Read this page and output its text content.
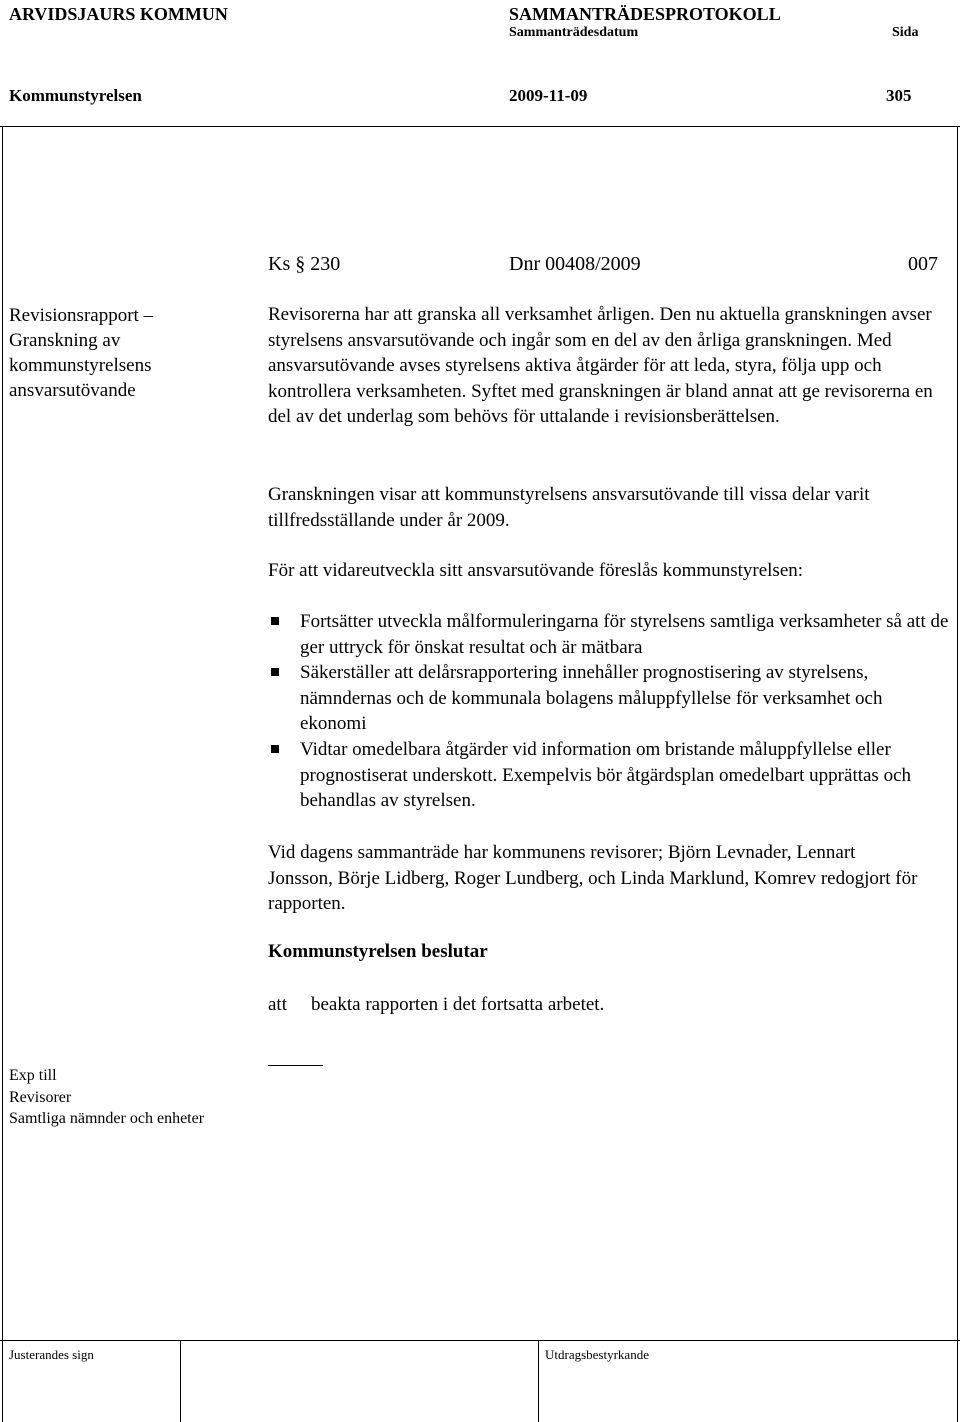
ARVIDSJAURS KOMMUN	SAMMANTRÄDESPROTOKOLL
Sammanträdesdatum	Sida
Kommunstyrelsen	2009-11-09	305
Ks § 230	Dnr 00408/2009	007
Revisionsrapport –
Granskning av
kommunstyrelsens
ansvarsutövande
Revisorerna har att granska all verksamhet årligen. Den nu aktuella granskningen avser styrelsens ansvarsutövande och ingår som en del av den årliga granskningen. Med ansvarsutövande avses styrelsens aktiva åtgärder för att leda, styra, följa upp och kontrollera verksamheten. Syftet med granskningen är bland annat att ge revisorerna en del av det underlag som behövs för uttalande i revisionsberättelsen.
Granskningen visar att kommunstyrelsens ansvarsutövande till vissa delar varit tillfredsställande under år 2009.
För att vidareutveckla sitt ansvarsutövande föreslås kommunstyrelsen:
Fortsätter utveckla målformuleringarna för styrelsens samtliga verksamheter så att de ger uttryck för önskat resultat och är mätbara
Säkerställer att delårsrapportering innehåller prognostisering av styrelsens, nämndernas och de kommunala bolagens måluppfyllelse för verksamhet och ekonomi
Vidtar omedelbara åtgärder vid information om bristande måluppfyllelse eller prognostiserat underskott. Exempelvis bör åtgärdsplan omedelbart upprättas och behandlas av styrelsen.
Vid dagens sammanträde har kommunens revisorer; Björn Levnader, Lennart Jonsson, Börje Lidberg, Roger Lundberg, och Linda Marklund, Komrev redogjort för rapporten.
Kommunstyrelsen beslutar
att beakta rapporten i det fortsatta arbetet.
Exp till
Revisorer
Samtliga nämnder och enheter
Justerandes sign	Utdragsbestyrkande
